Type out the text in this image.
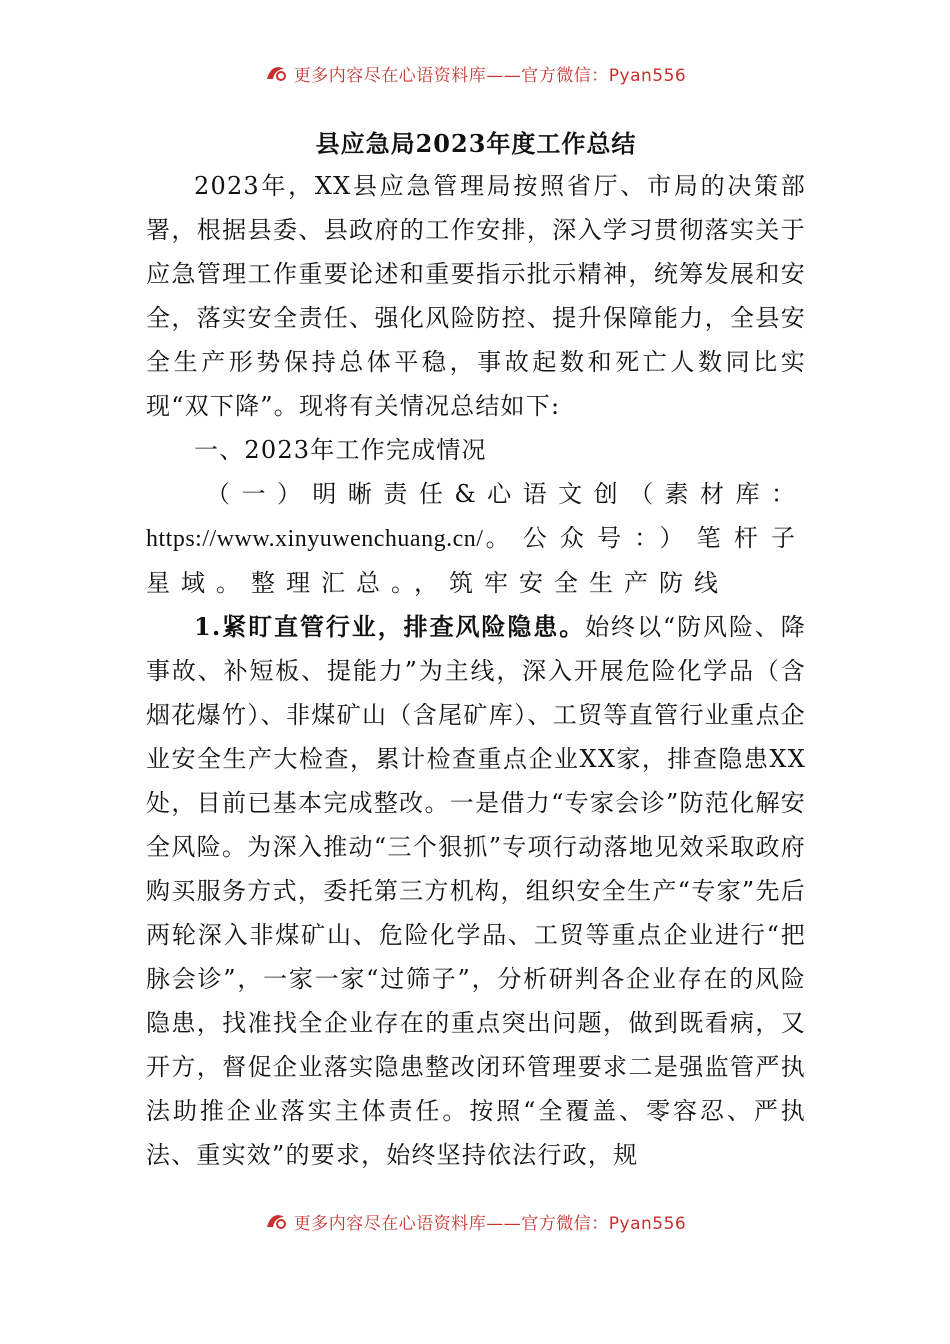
更多内容尽在心语资料库——官方微信：Pyan556
县应急局2023年度工作总结

2023年，XX县应急管理局按照省厅、市局的决策部署，根据县委、县政府的工作安排，深入学习贯彻落实关于应急管理工作重要论述和重要指示批示精神，统筹发展和安全，落实安全责任、强化风险防控、提升保障能力，全县安全生产形势保持总体平稳，事故起数和死亡人数同比实现“双下降”。现将有关情况总结如下:

一、2023年工作完成情况

（一）明晰责任&心语文创（素材库：https://www.xinyuwenchuang.cn/。公众号：）笔杆子星域。整理汇总。，筑牢安全生产防线

1.紧盯直管行业，排查风险隐患。始终以“防风险、降事故、补短板、提能力”为主线，深入开展危险化学品（含烟花爆竹）、非煤矿山（含尾矿库）、工贸等直管行业重点企业安全生产大检查，累计检查重点企业XX家，排查隐患XX处，目前已基本完成整改。一是借力“专家会诊”防范化解安全风险。为深入推动“三个狠抓”专项行动落地见效采取政府购买服务方式，委托第三方机构，组织安全生产“专家”先后两轮深入非煤矿山、危险化学品、工贸等重点企业进行“把脉会诊”，一家一家“过筛子”，分析研判各企业存在的风险隐患，找准找全企业存在的重点突出问题，做到既看病，又开方，督促企业落实隐患整改闭环管理要求二是强监管严执法助推企业落实主体责任。按照“全覆盖、零容忍、严执法、重实效”的要求，始终坚持依法行政，规

更多内容尽在心语资料库——官方微信：Pyan556
